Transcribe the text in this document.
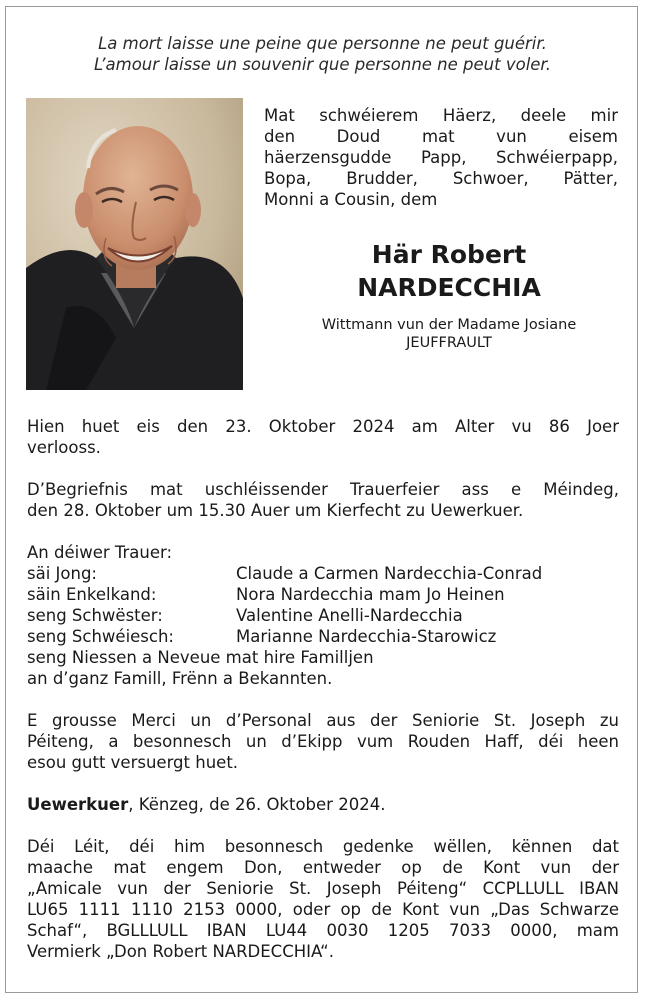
La mort laisse une peine que personne ne peut guérir.
L’amour laisse un souvenir que personne ne peut voler.
Mat schwéierem Häerz, deele mir
den Doud mat vun eisem
häerzensgudde Papp, Schwéierpapp,
Bopa, Brudder, Schwoer, Pätter,
Monni a Cousin, dem
Här Robert
NARDECCHIA
Wittmann vun der Madame Josiane
JEUFFRAULT
Hien huet eis den 23. Oktober 2024 am Alter vu 86 Joer
verlooss.
D’Begriefnis mat uschléissender Trauerfeier ass e Méindeg,
den 28. Oktober um 15.30 Auer um Kierfecht zu Uewerkuer.
An déiwer Trauer:
säi Jong:	Claude a Carmen Nardecchia-Conrad
säin Enkelkand:	Nora Nardecchia mam Jo Heinen
seng Schwëster:	Valentine Anelli-Nardecchia
seng Schwéiesch:	Marianne Nardecchia-Starowicz
seng Niessen a Neveue mat hire Familljen
an d’ganz Famill, Frënn a Bekannten.
E grousse Merci un d’Personal aus der Seniorie St. Joseph zu
Péiteng, a besonnesch un d’Ekipp vum Rouden Haff, déi heen
esou gutt versuergt huet.
Uewerkuer, Kënzeg, de 26. Oktober 2024.
Déi Léit, déi him besonnesch gedenke wëllen, kënnen dat
maache mat engem Don, entweder op de Kont vun der
„Amicale vun der Seniorie St. Joseph Péiteng“ CCPLLULL IBAN
LU65 1111 1110 2153 0000, oder op de Kont vun „Das Schwarze
Schaf“, BGLLLULL IBAN LU44 0030 1205 7033 0000, mam
Vermierk „Don Robert NARDECCHIA“.
